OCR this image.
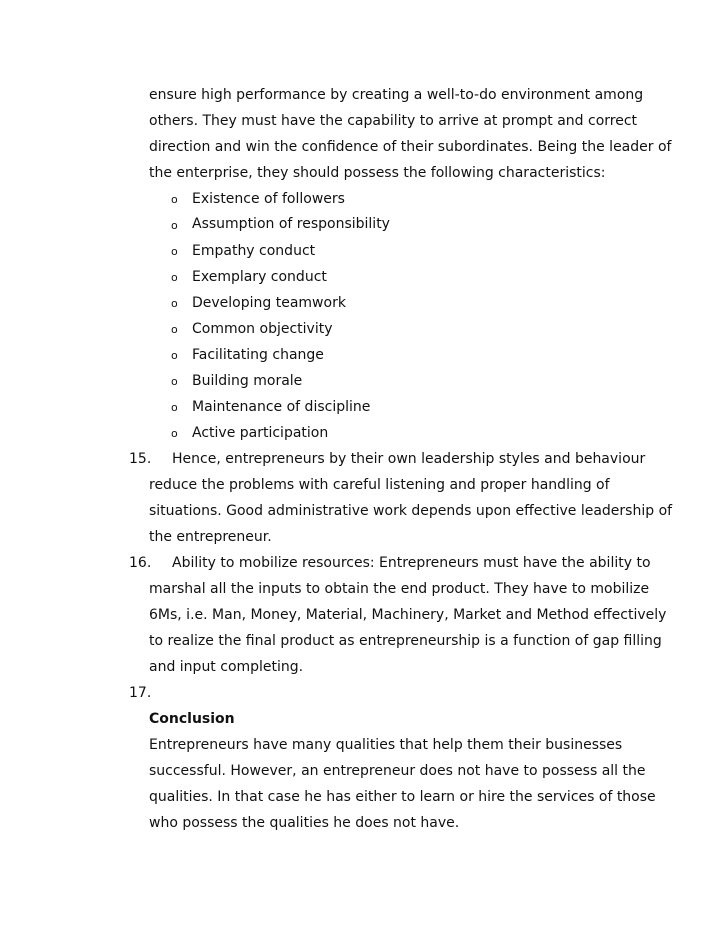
ensure high performance by creating a well-to-do environment among
others. They must have the capability to arrive at prompt and correct
direction and win the confidence of their subordinates. Being the leader of
the enterprise, they should possess the following characteristics:
o Existence of followers
o Assumption of responsibility
o Empathy conduct
o Exemplary conduct
o Developing teamwork
o Common objectivity
o Facilitating change
o Building morale
o Maintenance of discipline
o Active participation
15. Hence, entrepreneurs by their own leadership styles and behaviour
reduce the problems with careful listening and proper handling of
situations. Good administrative work depends upon effective leadership of
the entrepreneur.
16. Ability to mobilize resources: Entrepreneurs must have the ability to
marshal all the inputs to obtain the end product. They have to mobilize
6Ms, i.e. Man, Money, Material, Machinery, Market and Method effectively
to realize the final product as entrepreneurship is a function of gap filling
and input completing.
17.
Conclusion
Entrepreneurs have many qualities that help them their businesses
successful. However, an entrepreneur does not have to possess all the
qualities. In that case he has either to learn or hire the services of those
who possess the qualities he does not have.
